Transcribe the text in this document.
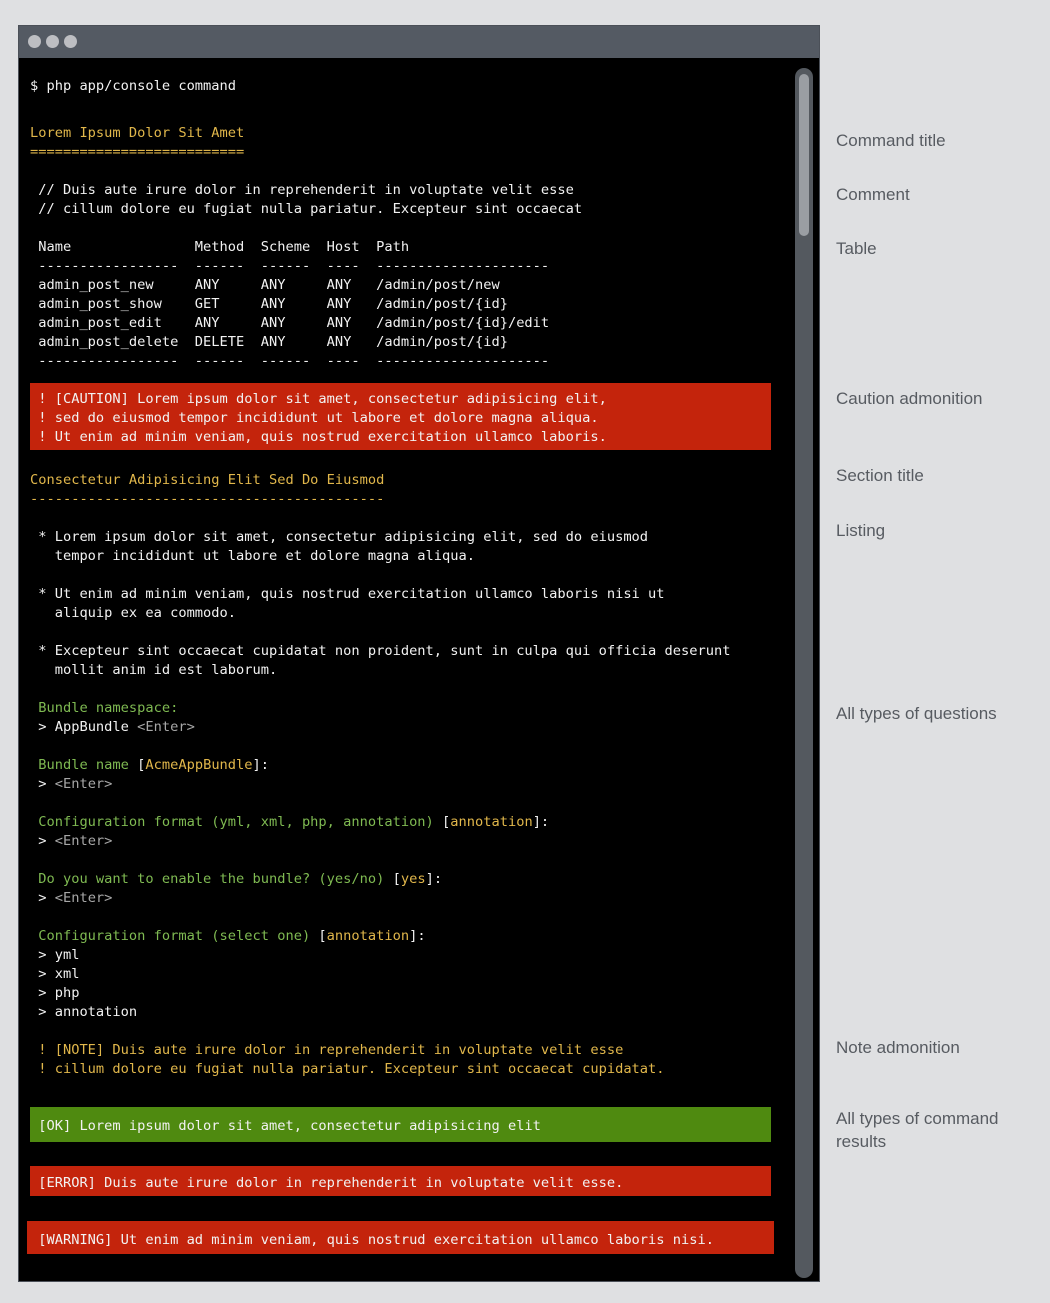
$ php app/console command
Lorem Ipsum Dolor Sit Amet
==========================
// Duis aute irure dolor in reprehenderit in voluptate velit esse
// cillum dolore eu fugiat nulla pariatur. Excepteur sint occaecat
Name               Method  Scheme  Host  Path
-----------------  ------  ------  ----  ---------------------
admin_post_new     ANY     ANY     ANY   /admin/post/new
admin_post_show    GET     ANY     ANY   /admin/post/{id}
admin_post_edit    ANY     ANY     ANY   /admin/post/{id}/edit
admin_post_delete  DELETE  ANY     ANY   /admin/post/{id}
-----------------  ------  ------  ----  ---------------------
! [CAUTION] Lorem ipsum dolor sit amet, consectetur adipisicing elit,
! sed do eiusmod tempor incididunt ut labore et dolore magna aliqua.
! Ut enim ad minim veniam, quis nostrud exercitation ullamco laboris.
Consectetur Adipisicing Elit Sed Do Eiusmod
-------------------------------------------
* Lorem ipsum dolor sit amet, consectetur adipisicing elit, sed do eiusmod
tempor incididunt ut labore et dolore magna aliqua.
* Ut enim ad minim veniam, quis nostrud exercitation ullamco laboris nisi ut
aliquip ex ea commodo.
* Excepteur sint occaecat cupidatat non proident, sunt in culpa qui officia deserunt
mollit anim id est laborum.
Bundle namespace:
> AppBundle <Enter>
Bundle name [AcmeAppBundle]:
> <Enter>
Configuration format (yml, xml, php, annotation) [annotation]:
> <Enter>
Do you want to enable the bundle? (yes/no) [yes]:
> <Enter>
Configuration format (select one) [annotation]:
> yml
> xml
> php
> annotation
! [NOTE] Duis aute irure dolor in reprehenderit in voluptate velit esse
! cillum dolore eu fugiat nulla pariatur. Excepteur sint occaecat cupidatat.
[OK] Lorem ipsum dolor sit amet, consectetur adipisicing elit
[ERROR] Duis aute irure dolor in reprehenderit in voluptate velit esse.
[WARNING] Ut enim ad minim veniam, quis nostrud exercitation ullamco laboris nisi.
Command title
Comment
Table
Caution admonition
Section title
Listing
All types of questions
Note admonition
All types of command
results
